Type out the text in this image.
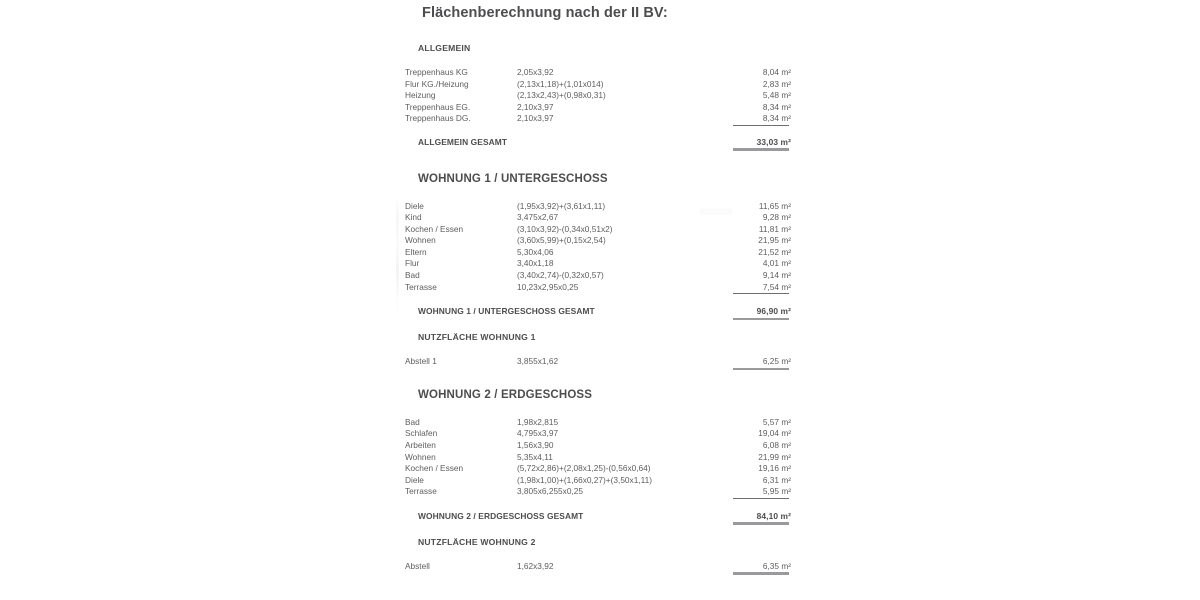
Flächenberechnung nach der II BV:
ALLGEMEIN
Treppenhaus KG	2,05x3,92	8,04 m²
Flur KG./Heizung	(2,13x1,18)+(1,01x014)	2,83 m²
Heizung	(2,13x2,43)+(0,98x0,31)	5,48 m²
Treppenhaus EG.	2,10x3,97	8,34 m²
Treppenhaus DG.	2,10x3,97	8,34 m²

ALLGEMEIN GESAMT		33,03 m²

WOHNUNG 1 / UNTERGESCHOSS
Diele	(1,95x3,92)+(3,61x1,11)	11,65 m²
Kind	3,475x2,67	9,28 m²
Kochen / Essen	(3,10x3,92)-(0,34x0,51x2)	11,81 m²
Wohnen	(3,60x5,99)+(0,15x2,54)	21,95 m²
Eltern	5,30x4,06	21,52 m²
Flur	3,40x1,18	4,01 m²
Bad	(3,40x2,74)-(0,32x0,57)	9,14 m²
Terrasse	10,23x2,95x0,25	7,54 m²

WOHNUNG 1 / UNTERGESCHOSS GESAMT		96,90 m²

NUTZFLÄCHE WOHNUNG 1
Abstell 1	3,855x1,62	6,25 m²

WOHNUNG 2 / ERDGESCHOSS
Bad	1,98x2,815	5,57 m²
Schlafen	4,795x3,97	19,04 m²
Arbeiten	1,56x3,90	6,08 m²
Wohnen	5,35x4,11	21,99 m²
Kochen / Essen	(5,72x2,86)+(2,08x1,25)-(0,56x0,64)	19,16 m²
Diele	(1,98x1,00)+(1,66x0,27)+(3,50x1,11)	6,31 m²
Terrasse	3,805x6,255x0,25	5,95 m²

WOHNUNG 2 / ERDGESCHOSS GESAMT		84,10 m²

NUTZFLÄCHE WOHNUNG 2
Abstell	1,62x3,92	6,35 m²
